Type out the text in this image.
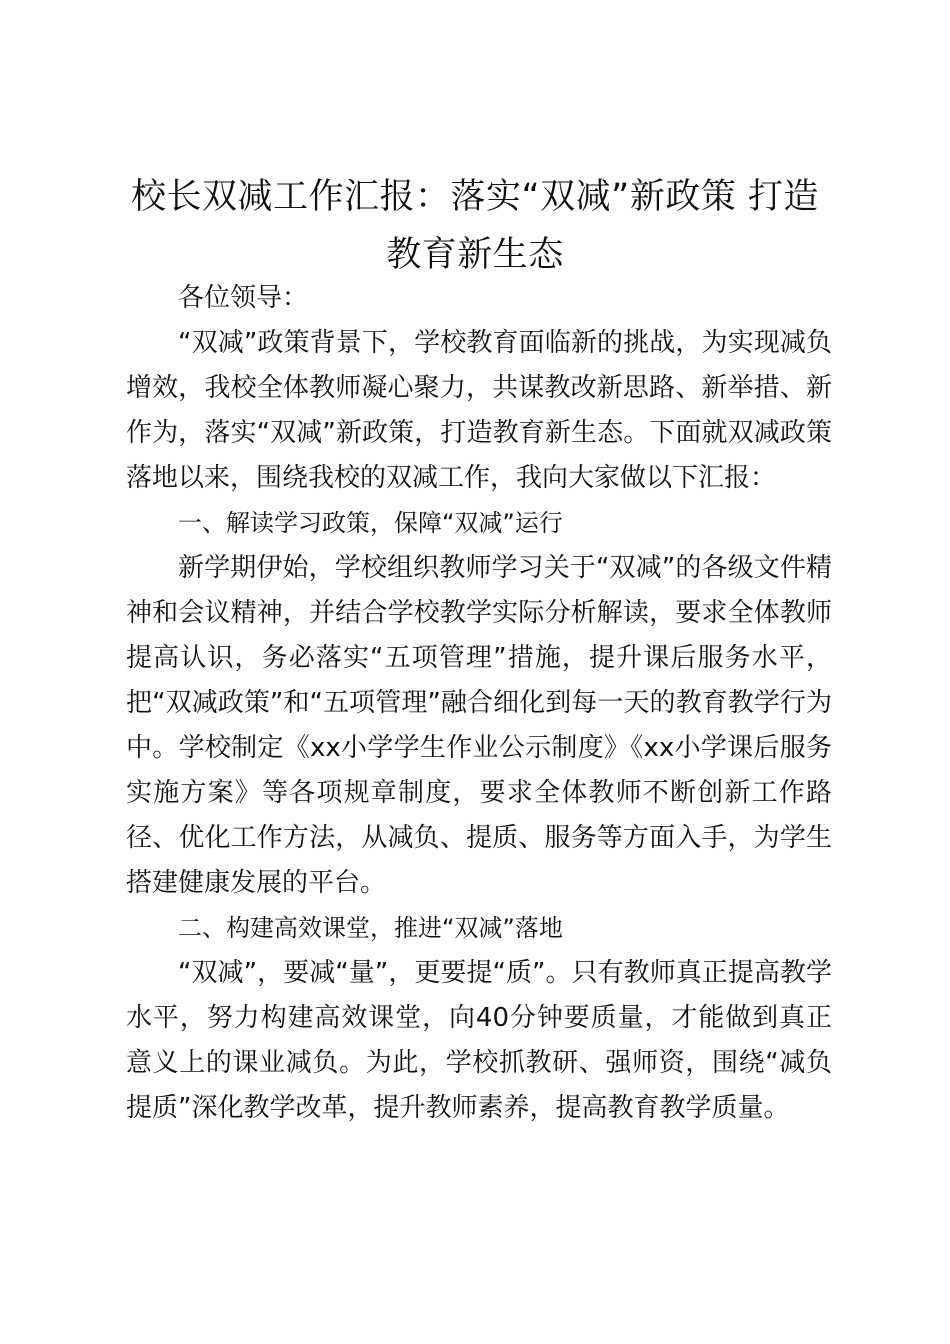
校长双减工作汇报：落实“双减”新政策 打造教育新生态

各位领导：

“双减”政策背景下，学校教育面临新的挑战，为实现减负增效，我校全体教师凝心聚力，共谋教改新思路、新举措、新作为，落实“双减”新政策，打造教育新生态。下面就双减政策落地以来，围绕我校的双减工作，我向大家做以下汇报：

一、解读学习政策，保障“双减”运行

新学期伊始，学校组织教师学习关于“双减”的各级文件精神和会议精神，并结合学校教学实际分析解读，要求全体教师提高认识，务必落实“五项管理”措施，提升课后服务水平，把“双减政策”和“五项管理”融合细化到每一天的教育教学行为中。学校制定《xx小学学生作业公示制度》《xx小学课后服务实施方案》等各项规章制度，要求全体教师不断创新工作路径、优化工作方法，从减负、提质、服务等方面入手，为学生搭建健康发展的平台。

二、构建高效课堂，推进“双减”落地

“双减”，要减“量”，更要提“质”。只有教师真正提高教学水平，努力构建高效课堂，向40分钟要质量，才能做到真正意义上的课业减负。为此，学校抓教研、强师资，围绕“减负提质”深化教学改革，提升教师素养，提高教育教学质量。
